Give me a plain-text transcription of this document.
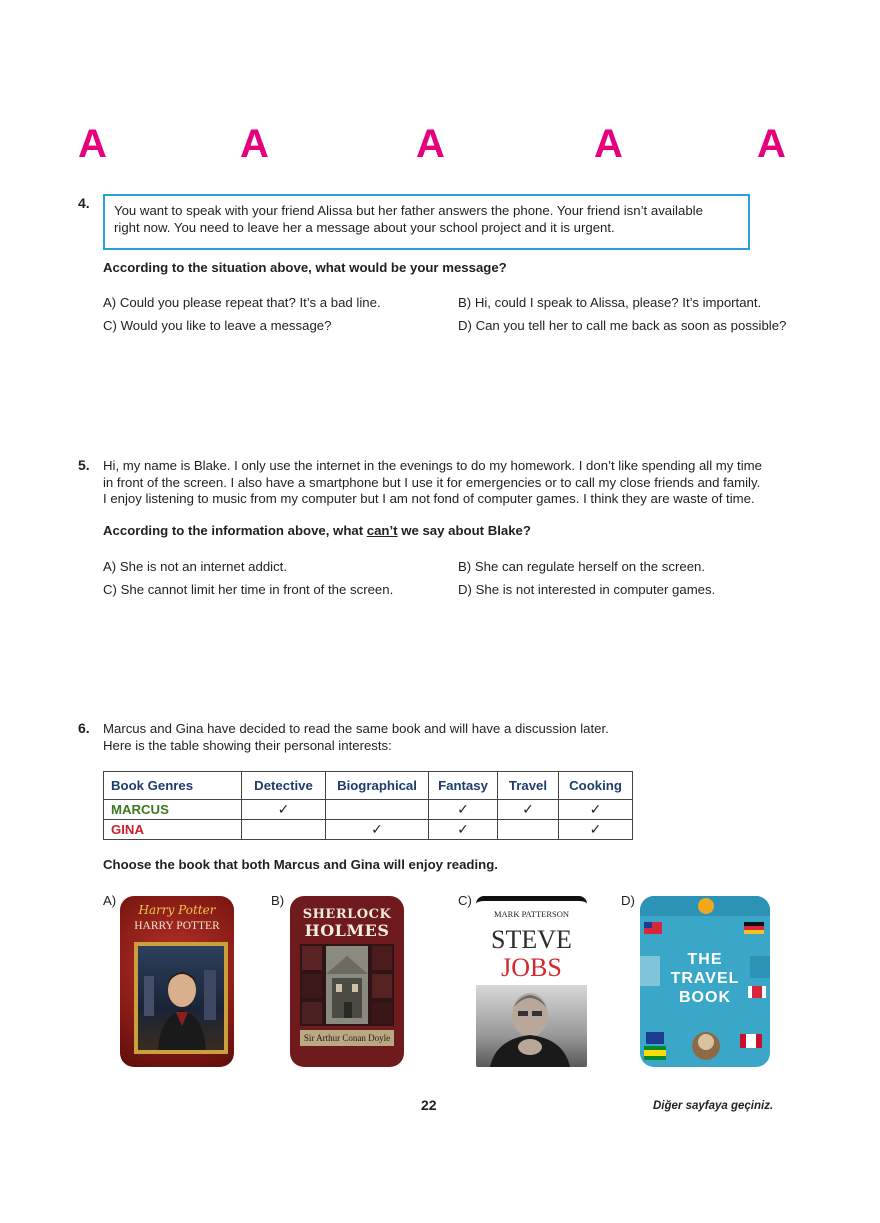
A	A	A	A	A
4. You want to speak with your friend Alissa but her father answers the phone. Your friend isn’t available
right now. You need to leave her a message about your school project and it is urgent.
According to the situation above, what would be your message?
A) Could you please repeat that? It’s a bad line.	B) Hi, could I speak to Alissa, please? It’s important.
C) Would you like to leave a message?	D) Can you tell her to call me back as soon as possible?
5. Hi, my name is Blake. I only use the internet in the evenings to do my homework. I don’t like spending all my time
in front of the screen. I also have a smartphone but I use it for emergencies or to call my close friends and family.
I enjoy listening to music from my computer but I am not fond of computer games. I think they are waste of time.
According to the information above, what can’t we say about Blake?
A) She is not an internet addict.	B) She can regulate herself on the screen.
C) She cannot limit her time in front of the screen.	D) She is not interested in computer games.
6. Marcus and Gina have decided to read the same book and will have a discussion later.
Here is the table showing their personal interests:
Book Genres	Detective	Biographical	Fantasy	Travel	Cooking
MARCUS	✓		✓	✓	✓
GINA		✓	✓		✓
Choose the book that both Marcus and Gina will enjoy reading.
A)	B)	C)	D)
Harry Potter
HARRY POTTER
SHERLOCK
HOLMES
Sir Arthur Conan Doyle
MARK PATTERSON
STEVE
JOBS	THE
TRAVEL
BOOK
22	Diğer sayfaya geçiniz.
